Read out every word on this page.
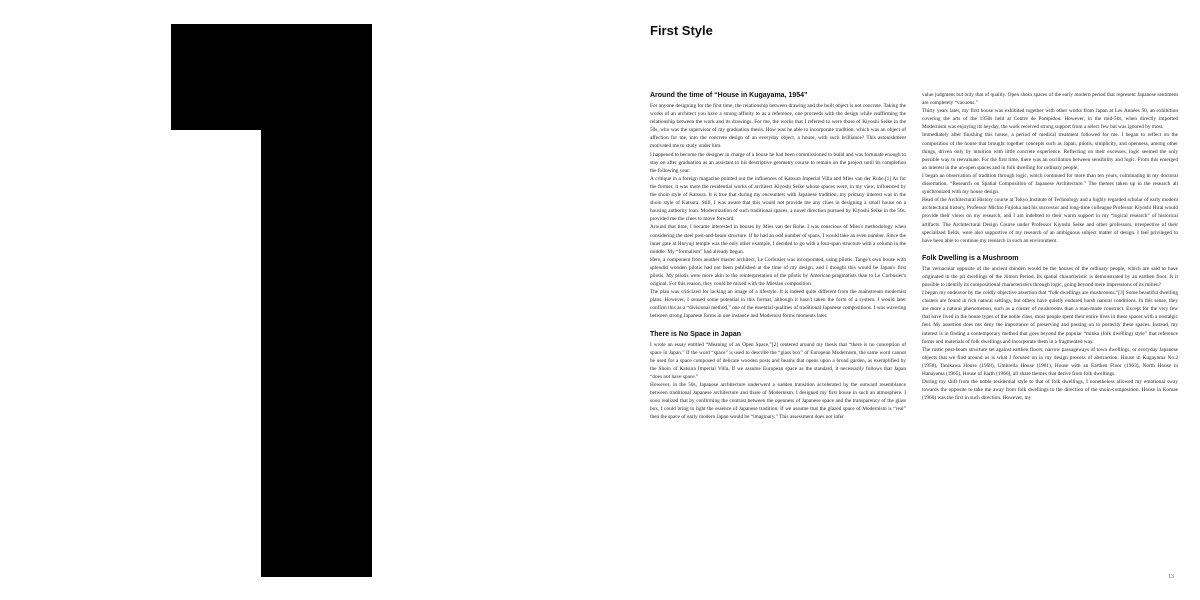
First Style
Around the time of “House in Kugayama, 1954”

For anyone designing for the first time, the relationship between drawing and the built object is not concrete. Taking the works of an architect you have a strong affinity to as a reference, one proceeds with the design while reaffirming the relationship between the work and its drawings. For me, the works that I referred to were those of Kiyoshi Seike in the 50s, who was the supervisor of my graduation thesis. How was he able to incorporate tradition, which was an object of affection for me, into the concrete design of an everyday object, a house, with such brilliance? This astonishment motivated me to study under him.

I happened to become the designer in charge of a house he had been commissioned to build and was fortunate enough to stay on after graduation as an assistant to his descriptive geometry course to remain on the project until its completion the following year.

A critique in a foreign magazine pointed out the influences of Katsura Imperial Villa and Mies van der Rohe.[1] As for the former, it was more the residential works of architect Kiyoshi Seike whose spaces were, in my view, influenced by the shoin style of Katsura. It is true that during my encounters with Japanese tradition, my primary interest was in the shoin style of Katsura. Still, I was aware that this would not provide me any clues in designing a small house on a housing authority loan. Modernization of such traditional spaces, a novel direction pursued by Kiyoshi Seike in the 50s, provided me the clues to move forward.

Around that time, I became interested in houses by Mies van der Rohe. I was conscious of Mies's methodology when considering the steel post-and-beam structure. If he had an odd number of spans, I would take an even number. Since the inner gate at Horyuji temple was the only other example, I decided to go with a four-span structure with a column in the middle. My “formalism” had already begun.

Here, a component from another master architect, Le Corbusier was incorporated, using pilotis. Tange's own house with splendid wooden pilotis had not been published at the time of my design, and I thought this would be Japan's first pilotis. My pilotis were more akin to the reinterpretation of the pilotis by American pragmatists than to Le Corbusier's original. For this reason, they could be mixed with the Miesian composition.

The plan was criticized for lacking an image of a lifestyle. It is indeed quite different from the mainstream modernist plans. However, I sensed some potential in this format, although it hasn't taken the form of a system. I would later confirm this as a “divisional method,” one of the essential qualities of traditional Japanese compositions. I was wavering between strong Japanese forms in one instance and Modernist forms moments later.

There is No Space in Japan

I wrote an essay entitled “Meaning of an Open Space,”[2] centered around my thesis that “there is no conception of space in Japan.” If the word “space” is used to describe the “glass box” of European Modernism, the same word cannot be used for a space composed of delicate wooden posts and beams that opens upon a broad garden, as exemplified by the Shoin of Katsura Imperial Villa. If we assume European space as the standard, it necessarily follows that Japan “does not have space.”

However, in the 50s, Japanese architecture underwent a sudden transition accelerated by the outward resemblance between traditional Japanese architecture and those of Modernism. I designed my first house in such an atmosphere. I soon realized that by confirming the contrast between the openness of Japanese space and the transparency of the glass box, I could bring to light the essence of Japanese tradition. If we assume that the glazed space of Modernism is “real” then the space of early modern Japan would be “imaginary.” This assessment does not infer

value judgment but only that of quality. Open shoin spaces of the early modern period that represent Japanese sentiment are completely “vacuous.”

Thirty years later, my first house was exhibited together with other works from Japan at Les Années 50, an exhibition covering the arts of the 1950s held at Centre de Pompidou. However, in the mid-50s, when directly imported Modernism was enjoying its heyday, the work received strong support from a select few but was ignored by most.

Immediately after finishing this house, a period of medical treatment followed for me. I began to reflect on the composition of the house that brought together concepts such as Japan, pilotis, simplicity, and openness, among other things, driven only by intuition with little concrete experience. Reflecting on their excesses, logic seemed the only possible way to reevaluate. For the first time, there was an oscillation between sensibility and logic. From this emerged an interest in the un-open spaces and in folk dwelling for ordinary people.

I began an observation of tradition through logic, which continued for more than ten years, culminating in my doctoral dissertation, “Research on Spatial Composition of Japanese Architecture.” The themes taken up in the research all synchronized with my house design.

Head of the Architectural History course at Tokyo Institute of Technology and a highly regarded scholar of early modern architectural history, Professor Michio Fujioka and his successor and long-time colleague Professor Kiyoshi Hirai would provide their views on my research, and I am indebted to their warm support in my “logical research” of historical artifacts. The Architectural Design Course under Professor Kiyoshi Seike and other professors, irrespective of their specialized fields, were also supportive of my research of an ambiguous subject matter of design. I feel privileged to have been able to continue my research in such an environment.

Folk Dwelling is a Mushroom

The vernacular opposite of the ancient shinden would be the houses of the ordinary people, which are said to have originated in the pit dwellings of the Jōmon Period. Its spatial characteristic is demonstrated by an earthen floor. Is it possible to identify its compositional characteristics through logic, going beyond mere impressions of its milieu?

I began my endeavor by the coldly objective assertion that “folk dwellings are mushrooms.”[3] Some beautiful dwelling clusters are found in rich natural settings, but others have quietly endured harsh natural conditions. In this sense, they are more a natural phenomenon, such as a cluster of mushrooms than a man-made construct. Except for the very few that have lived in the house types of the noble class, most people spent their entire lives in these spaces with a nostalgic feel. My assertion does not deny the importance of preserving and passing on to posterity these spaces. Instead, my interest is in finding a contemporary method that goes beyond the popular “minka (folk dwelling) style” that reference forms and materials of folk dwellings and incorporate them in a fragmented way.

The rustic post-beam structure set against earthen floors, narrow passageways of town dwellings, or everyday Japanese objects that we find around us is what I focused on in my design process of abstraction. House in Kugayama No.2 (1958), Tanikawa House (1958), Umbrella House (1961), House with an Earthen Floor (1963), North House in Hanayama (1965), House of Earth (1966), all share themes that derive from folk dwellings.

During my shift from the noble residential style to that of folk dwellings, I nonetheless allowed my emotional sway towards the opposite to take me away from folk dwellings to the direction of the shoin-composition. House in Komae (1960) was the first in such direction. However, my

13
